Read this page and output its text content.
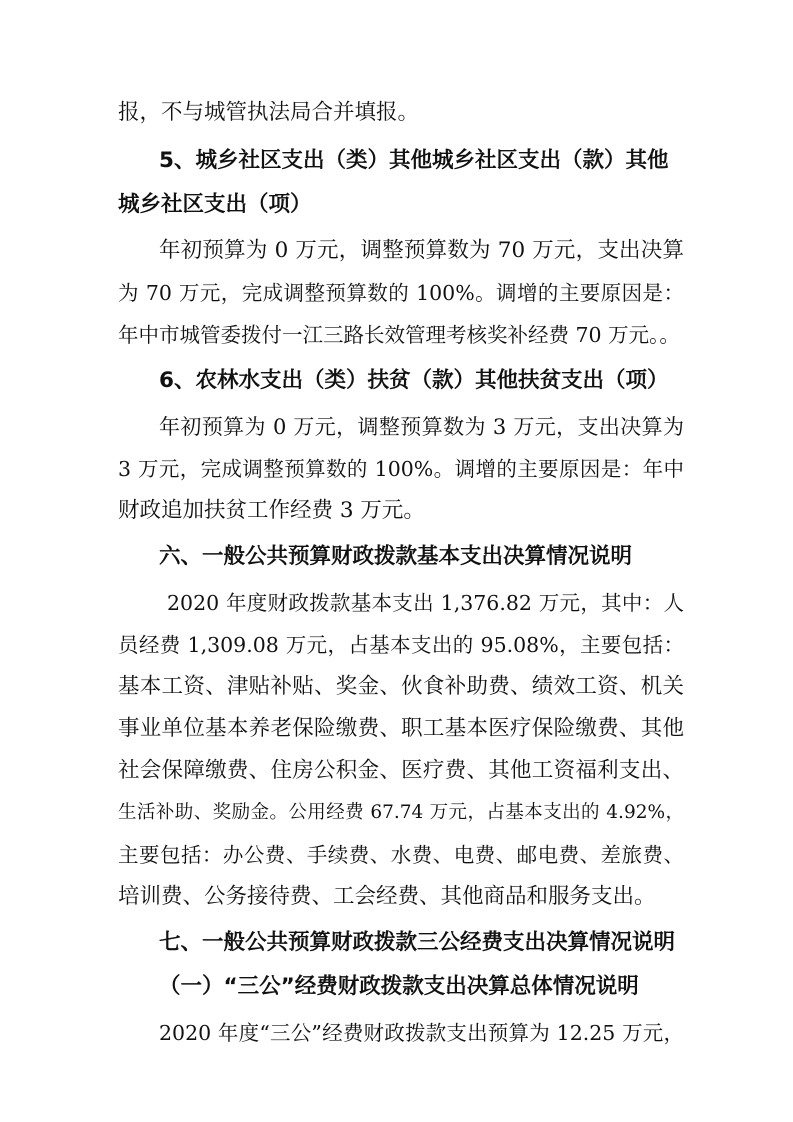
报，不与城管执法局合并填报。
5、城乡社区支出（类）其他城乡社区支出（款）其他
城乡社区支出（项）
年初预算为 0 万元，调整预算数为 70 万元，支出决算
为 70 万元，完成调整预算数的 100%。调增的主要原因是：
年中市城管委拨付一江三路长效管理考核奖补经费 70 万元。。
6、农林水支出（类）扶贫（款）其他扶贫支出（项）
年初预算为 0 万元，调整预算数为 3 万元，支出决算为
3 万元，完成调整预算数的 100%。调增的主要原因是：年中
财政追加扶贫工作经费 3 万元。
六、一般公共预算财政拨款基本支出决算情况说明
2020 年度财政拨款基本支出 1,376.82 万元，其中：人
员经费 1,309.08 万元，占基本支出的 95.08%，主要包括：
基本工资、津贴补贴、奖金、伙食补助费、绩效工资、机关
事业单位基本养老保险缴费、职工基本医疗保险缴费、其他
社会保障缴费、住房公积金、医疗费、其他工资福利支出、
生活补助、奖励金。公用经费 67.74 万元，占基本支出的 4.92%，
主要包括：办公费、手续费、水费、电费、邮电费、差旅费、
培训费、公务接待费、工会经费、其他商品和服务支出。
七、一般公共预算财政拨款三公经费支出决算情况说明
（一）“三公”经费财政拨款支出决算总体情况说明
2020 年度“三公”经费财政拨款支出预算为 12.25 万元，
